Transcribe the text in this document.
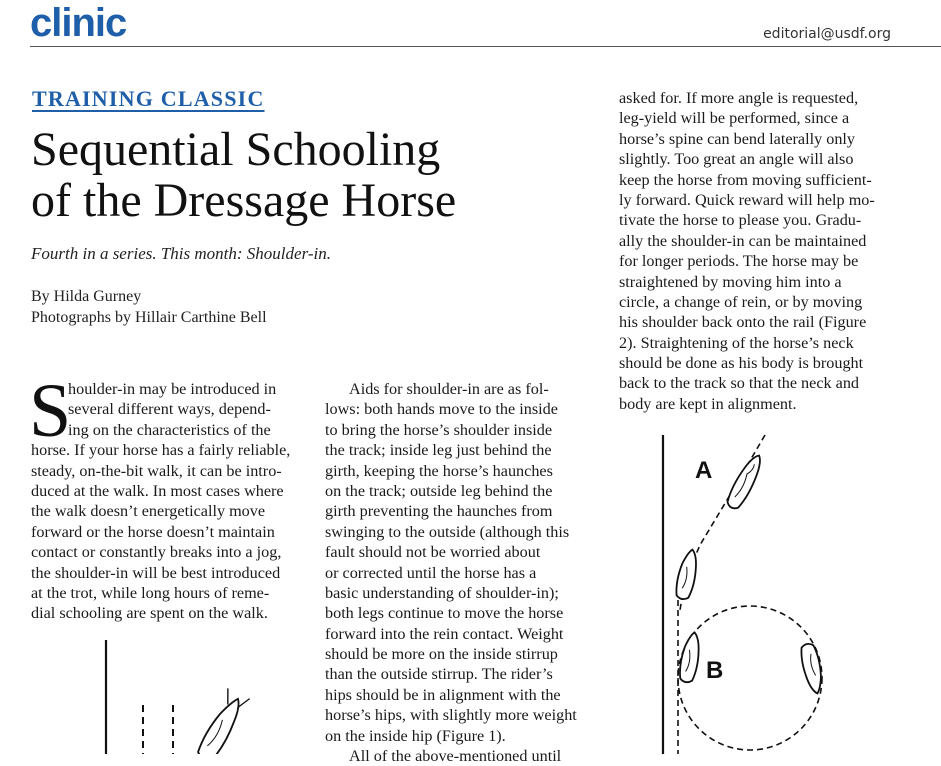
clinic	editorial@usdf.org
TRAINING CLASSIC
Sequential Schooling
of the Dressage Horse
Fourth in a series. This month: Shoulder-in.
By Hilda Gurney
Photographs by Hillair Carthine Bell
S
houlder-in may be introduced in
several different ways, depend-
ing on the characteristics of the
horse. If your horse has a fairly reliable,
steady, on-the-bit walk, it can be intro-
duced at the walk. In most cases where
the walk doesn’t energetically move
forward or the horse doesn’t maintain
contact or constantly breaks into a jog,
the shoulder-in will be best introduced
at the trot, while long hours of reme-
dial schooling are spent on the walk.
Aids for shoulder-in are as fol-
lows: both hands move to the inside
to bring the horse’s shoulder inside
the track; inside leg just behind the
girth, keeping the horse’s haunches
on the track; outside leg behind the
girth preventing the haunches from
swinging to the outside (although this
fault should not be worried about
or corrected until the horse has a
basic understanding of shoulder-in);
both legs continue to move the horse
forward into the rein contact. Weight
should be more on the inside stirrup
than the outside stirrup. The rider’s
hips should be in alignment with the
horse’s hips, with slightly more weight
on the inside hip (Figure 1).
All of the above-mentioned until
asked for. If more angle is requested,
leg-yield will be performed, since a
horse’s spine can bend laterally only
slightly. Too great an angle will also
keep the horse from moving sufficient-
ly forward. Quick reward will help mo-
tivate the horse to please you. Gradu-
ally the shoulder-in can be maintained
for longer periods. The horse may be
straightened by moving him into a
circle, a change of rein, or by moving
his shoulder back onto the rail (Figure
2). Straightening of the horse’s neck
should be done as his body is brought
back to the track so that the neck and
body are kept in alignment.
A
B
